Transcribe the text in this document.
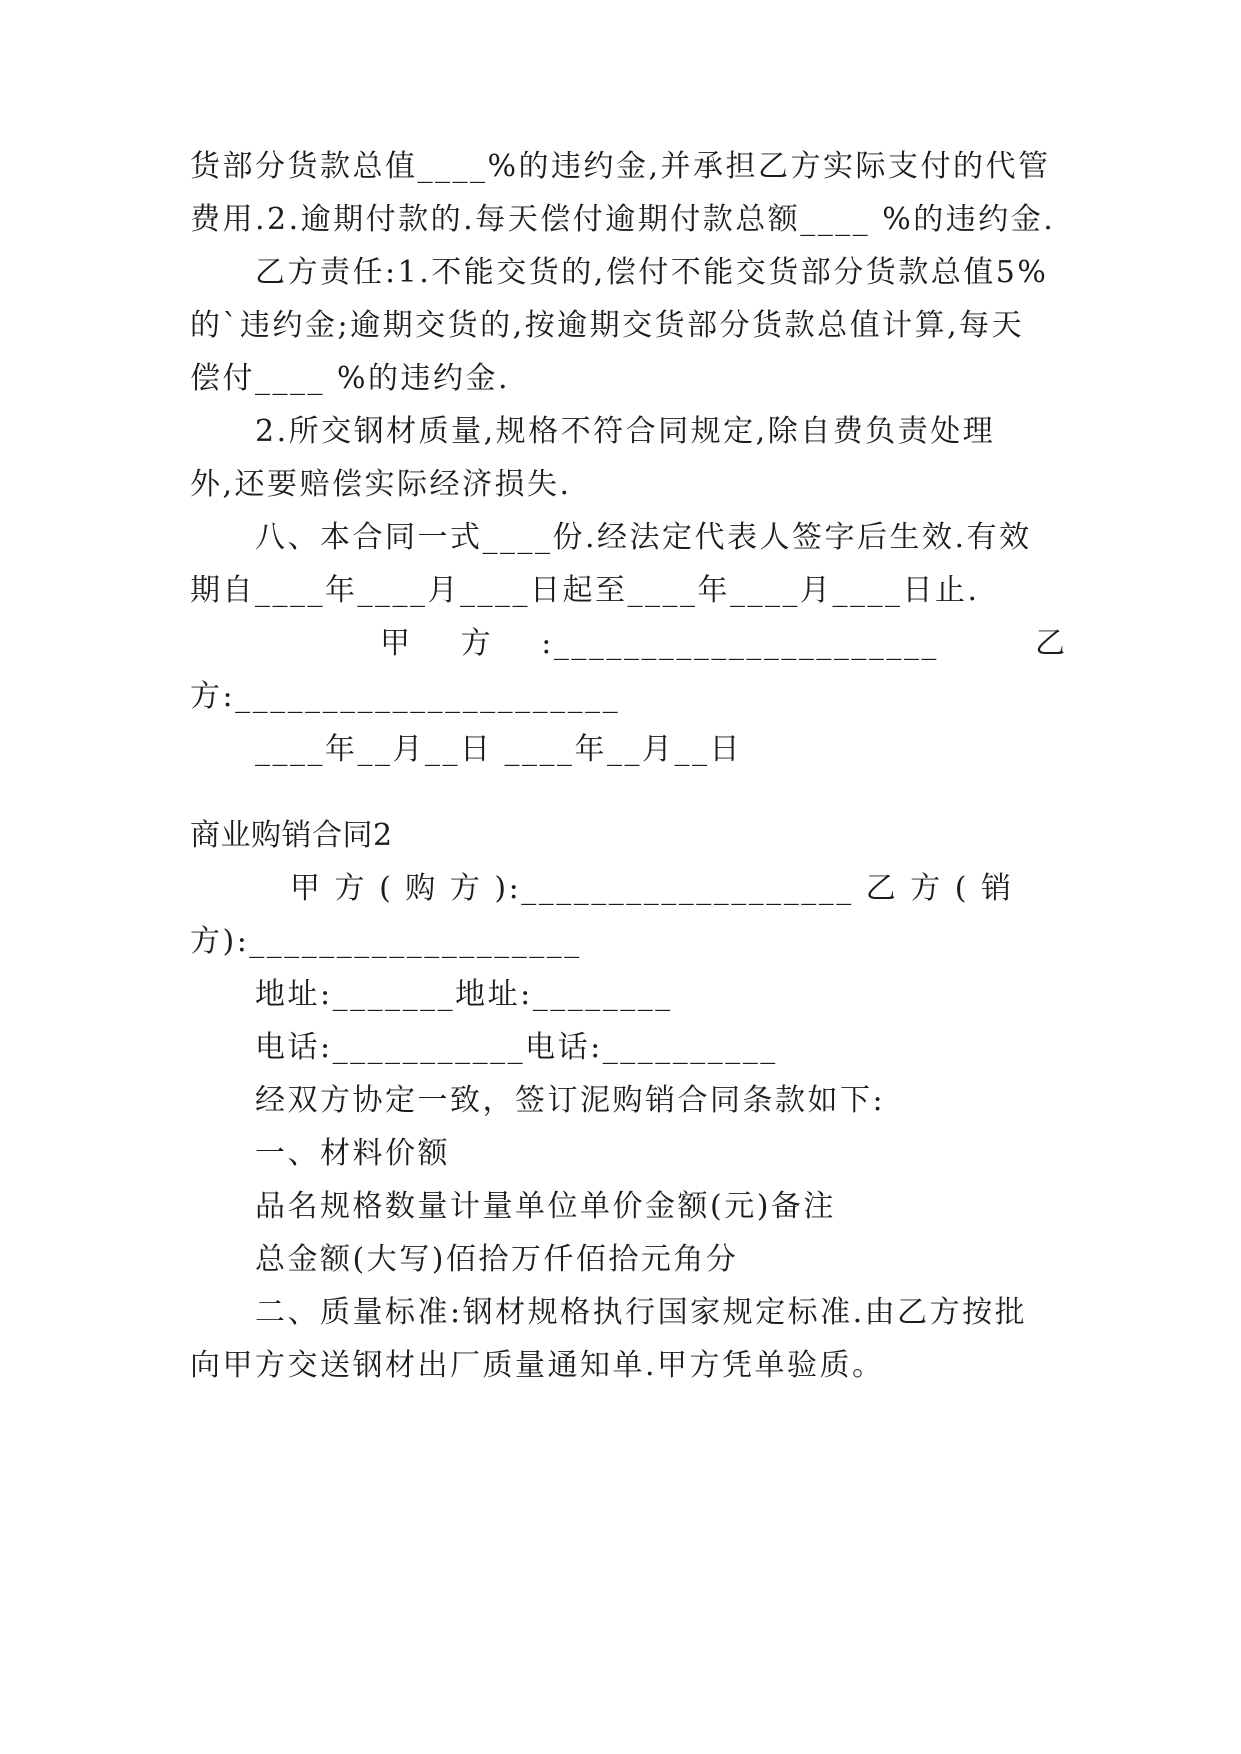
货部分货款总值____%的违约金,并承担乙方实际支付的代管
费用.2.逾期付款的.每天偿付逾期付款总额____ %的违约金.
乙方责任:1.不能交货的,偿付不能交货部分货款总值5%
的`违约金;逾期交货的,按逾期交货部分货款总值计算,每天
偿付____ %的违约金.
2.所交钢材质量,规格不符合同规定,除自费负责处理
外,还要赔偿实际经济损失.
八、本合同一式____份.经法定代表人签字后生效.有效
期自____年____月____日起至____年____月____日止.
甲    方    :______________________        乙
方:______________________
____年__月__日 ____年__月__日
商业购销合同2
甲 方 ( 购 方 ):___________________ 乙 方 ( 销
方):___________________
地址:_______地址:________
电话:___________电话:__________
经双方协定一致，签订泥购销合同条款如下:
一、材料价额
品名规格数量计量单位单价金额(元)备注
总金额(大写)佰拾万仟佰拾元角分
二、质量标准:钢材规格执行国家规定标准.由乙方按批
向甲方交送钢材出厂质量通知单.甲方凭单验质。
